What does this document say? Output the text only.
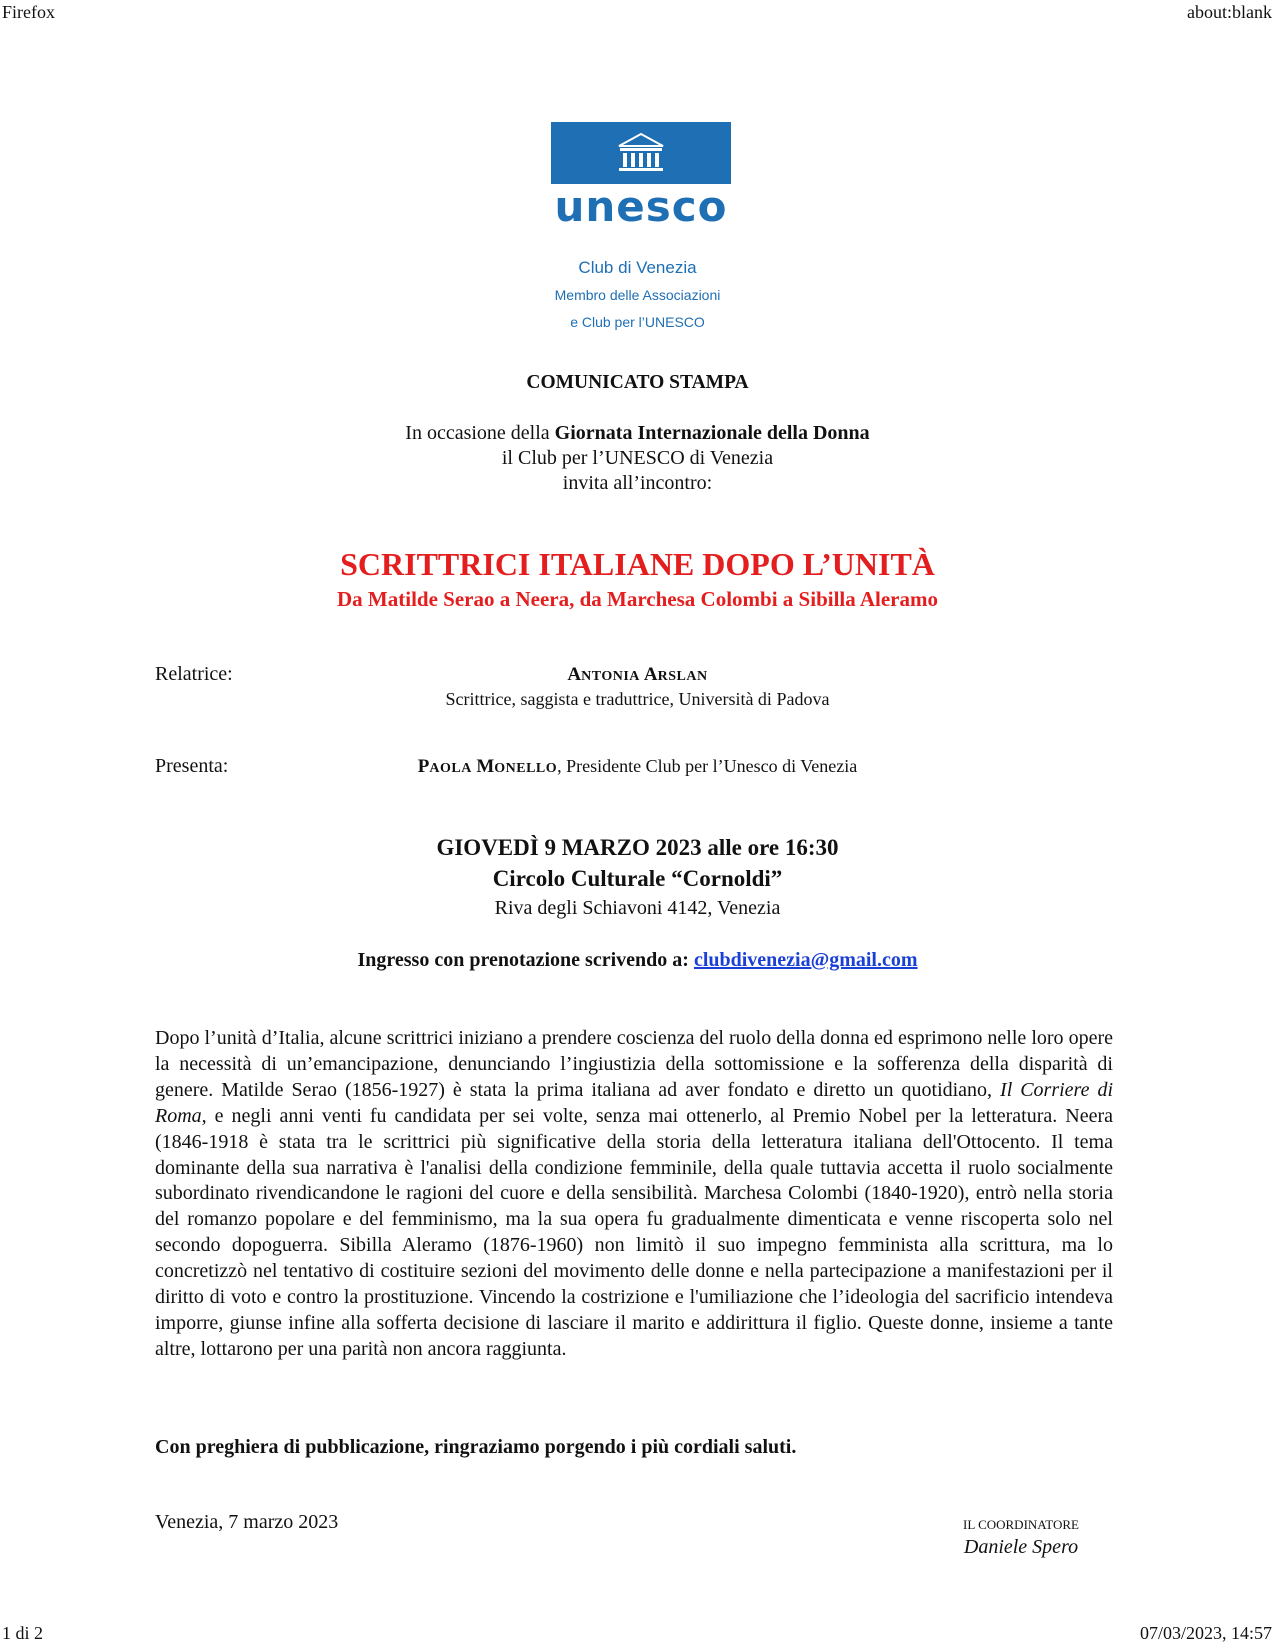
Firefox	about:blank
1 di 2	07/03/2023, 14:57
unesco
Club di Venezia
Membro delle Associazioni
e Club per l’UNESCO
COMUNICATO STAMPA
In occasione della Giornata Internazionale della Donna
il Club per l’UNESCO di Venezia
invita all’incontro:
SCRITTRICI ITALIANE DOPO L’UNITÀ
Da Matilde Serao a Neera, da Marchesa Colombi a Sibilla Aleramo
Relatrice:	ANTONIA ARSLAN
Scrittrice, saggista e traduttrice, Università di Padova
Presenta:	PAOLA MONELLO, Presidente Club per l’Unesco di Venezia
GIOVEDÌ 9 MARZO 2023 alle ore 16:30
Circolo Culturale “Cornoldi”
Riva degli Schiavoni 4142, Venezia
Ingresso con prenotazione scrivendo a: clubdivenezia@gmail.com
Dopo l’unità d’Italia, alcune scrittrici iniziano a prendere coscienza del ruolo della donna ed esprimono nelle loro opere la necessità di un’emancipazione, denunciando l’ingiustizia della sottomissione e la sofferenza della disparità di genere. Matilde Serao (1856-1927) è stata la prima italiana ad aver fondato e diretto un quotidiano, Il Corriere di Roma, e negli anni venti fu candidata per sei volte, senza mai ottenerlo, al Premio Nobel per la letteratura. Neera (1846-1918 è stata tra le scrittrici più significative della storia della letteratura italiana dell'Ottocento. Il tema dominante della sua narrativa è l'analisi della condizione femminile, della quale tuttavia accetta il ruolo socialmente subordinato rivendicandone le ragioni del cuore e della sensibilità. Marchesa Colombi (1840-1920), entrò nella storia del romanzo popolare e del femminismo, ma la sua opera fu gradualmente dimenticata e venne riscoperta solo nel secondo dopoguerra. Sibilla Aleramo (1876-1960) non limitò il suo impegno femminista alla scrittura, ma lo concretizzò nel tentativo di costituire sezioni del movimento delle donne e nella partecipazione a manifestazioni per il diritto di voto e contro la prostituzione. Vincendo la costrizione e l'umiliazione che l’ideologia del sacrificio intendeva imporre, giunse infine alla sofferta decisione di lasciare il marito e addirittura il figlio. Queste donne, insieme a tante altre, lottarono per una parità non ancora raggiunta.
Con preghiera di pubblicazione, ringraziamo porgendo i più cordiali saluti.
Venezia, 7 marzo 2023	IL COORDINATORE
Daniele Spero
